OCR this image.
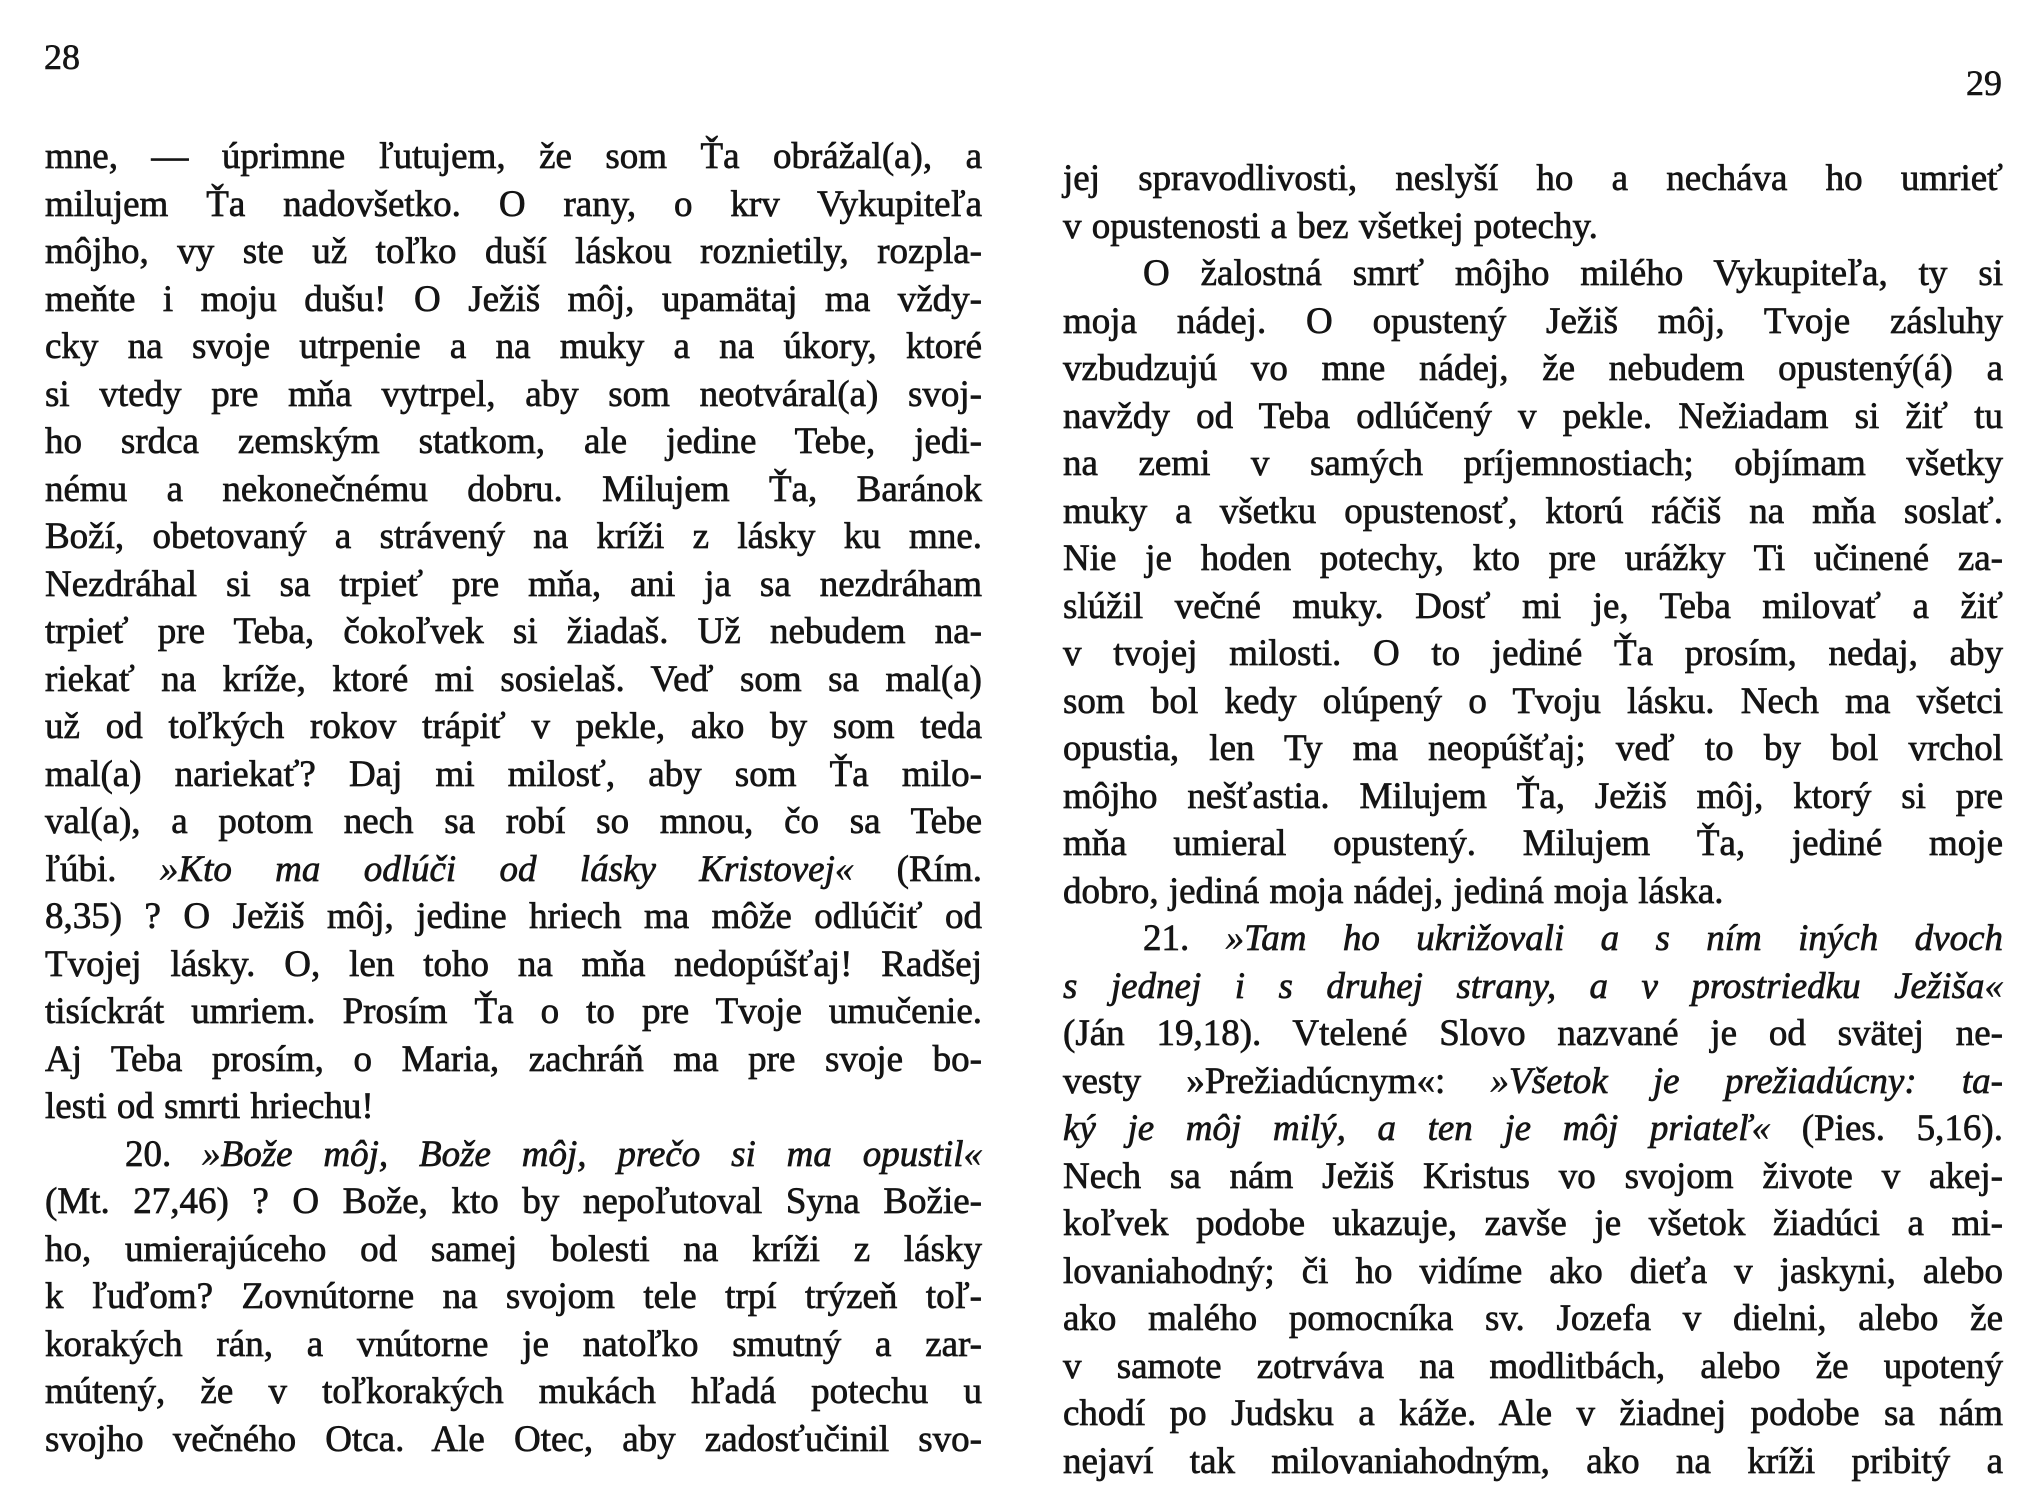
28
29
mne, — úprimne ľutujem, že som Ťa obrážal(a), a
milujem Ťa nadovšetko. O rany, o krv Vykupiteľa
môjho, vy ste už toľko duší láskou roznietily, rozpla-
meňte i moju dušu! O Ježiš môj, upamätaj ma vždy-
cky na svoje utrpenie a na muky a na úkory, ktoré
si vtedy pre mňa vytrpel, aby som neotváral(a) svoj-
ho srdca zemským statkom, ale jedine Tebe, jedi-
nému a nekonečnému dobru. Milujem Ťa, Baránok
Boží, obetovaný a strávený na kríži z lásky ku mne.
Nezdráhal si sa trpieť pre mňa, ani ja sa nezdráham
trpieť pre Teba, čokoľvek si žiadaš. Už nebudem na-
riekať na kríže, ktoré mi sosielaš. Veď som sa mal(a)
už od toľkých rokov trápiť v pekle, ako by som teda
mal(a) nariekať? Daj mi milosť, aby som Ťa milo-
val(a), a potom nech sa robí so mnou, čo sa Tebe
ľúbi. »Kto ma odlúči od lásky Kristovej« (Rím.
8,35) ? O Ježiš môj, jedine hriech ma môže odlúčiť od
Tvojej lásky. O, len toho na mňa nedopúšťaj! Radšej
tisíckrát umriem. Prosím Ťa o to pre Tvoje umučenie.
Aj Teba prosím, o Maria, zachráň ma pre svoje bo-
lesti od smrti hriechu!
20. »Bože môj, Bože môj, prečo si ma opustil«
(Mt. 27,46) ? O Bože, kto by nepoľutoval Syna Božie-
ho, umierajúceho od samej bolesti na kríži z lásky
k ľuďom? Zovnútorne na svojom tele trpí trýzeň toľ-
korakých rán, a vnútorne je natoľko smutný a zar-
mútený, že v toľkorakých mukách hľadá potechu u
svojho večného Otca. Ale Otec, aby zadosťučinil svo-
jej spravodlivosti, neslyší ho a necháva ho umrieť
v opustenosti a bez všetkej potechy.
O žalostná smrť môjho milého Vykupiteľa, ty si
moja nádej. O opustený Ježiš môj, Tvoje zásluhy
vzbudzujú vo mne nádej, že nebudem opustený(á) a
navždy od Teba odlúčený v pekle. Nežiadam si žiť tu
na zemi v samých príjemnostiach; objímam všetky
muky a všetku opustenosť, ktorú ráčiš na mňa soslať.
Nie je hoden potechy, kto pre urážky Ti učinené za-
slúžil večné muky. Dosť mi je, Teba milovať a žiť
v tvojej milosti. O to jediné Ťa prosím, nedaj, aby
som bol kedy olúpený o Tvoju lásku. Nech ma všetci
opustia, len Ty ma neopúšťaj; veď to by bol vrchol
môjho nešťastia. Milujem Ťa, Ježiš môj, ktorý si pre
mňa umieral opustený. Milujem Ťa, jediné moje
dobro, jediná moja nádej, jediná moja láska.
21. »Tam ho ukrižovali a s ním iných dvoch
s jednej i s druhej strany, a v prostriedku Ježiša«
(Ján 19,18). Vtelené Slovo nazvané je od svätej ne-
vesty »Prežiadúcnym«: »Všetok je prežiadúcny: ta-
ký je môj milý, a ten je môj priateľ« (Pies. 5,16).
Nech sa nám Ježiš Kristus vo svojom živote v akej-
koľvek podobe ukazuje, zavše je všetok žiadúci a mi-
lovaniahodný; či ho vidíme ako dieťa v jaskyni, alebo
ako malého pomocníka sv. Jozefa v dielni, alebo že
v samote zotrváva na modlitbách, alebo že upotený
chodí po Judsku a káže. Ale v žiadnej podobe sa nám
nejaví tak milovaniahodným, ako na kríži pribitý a
